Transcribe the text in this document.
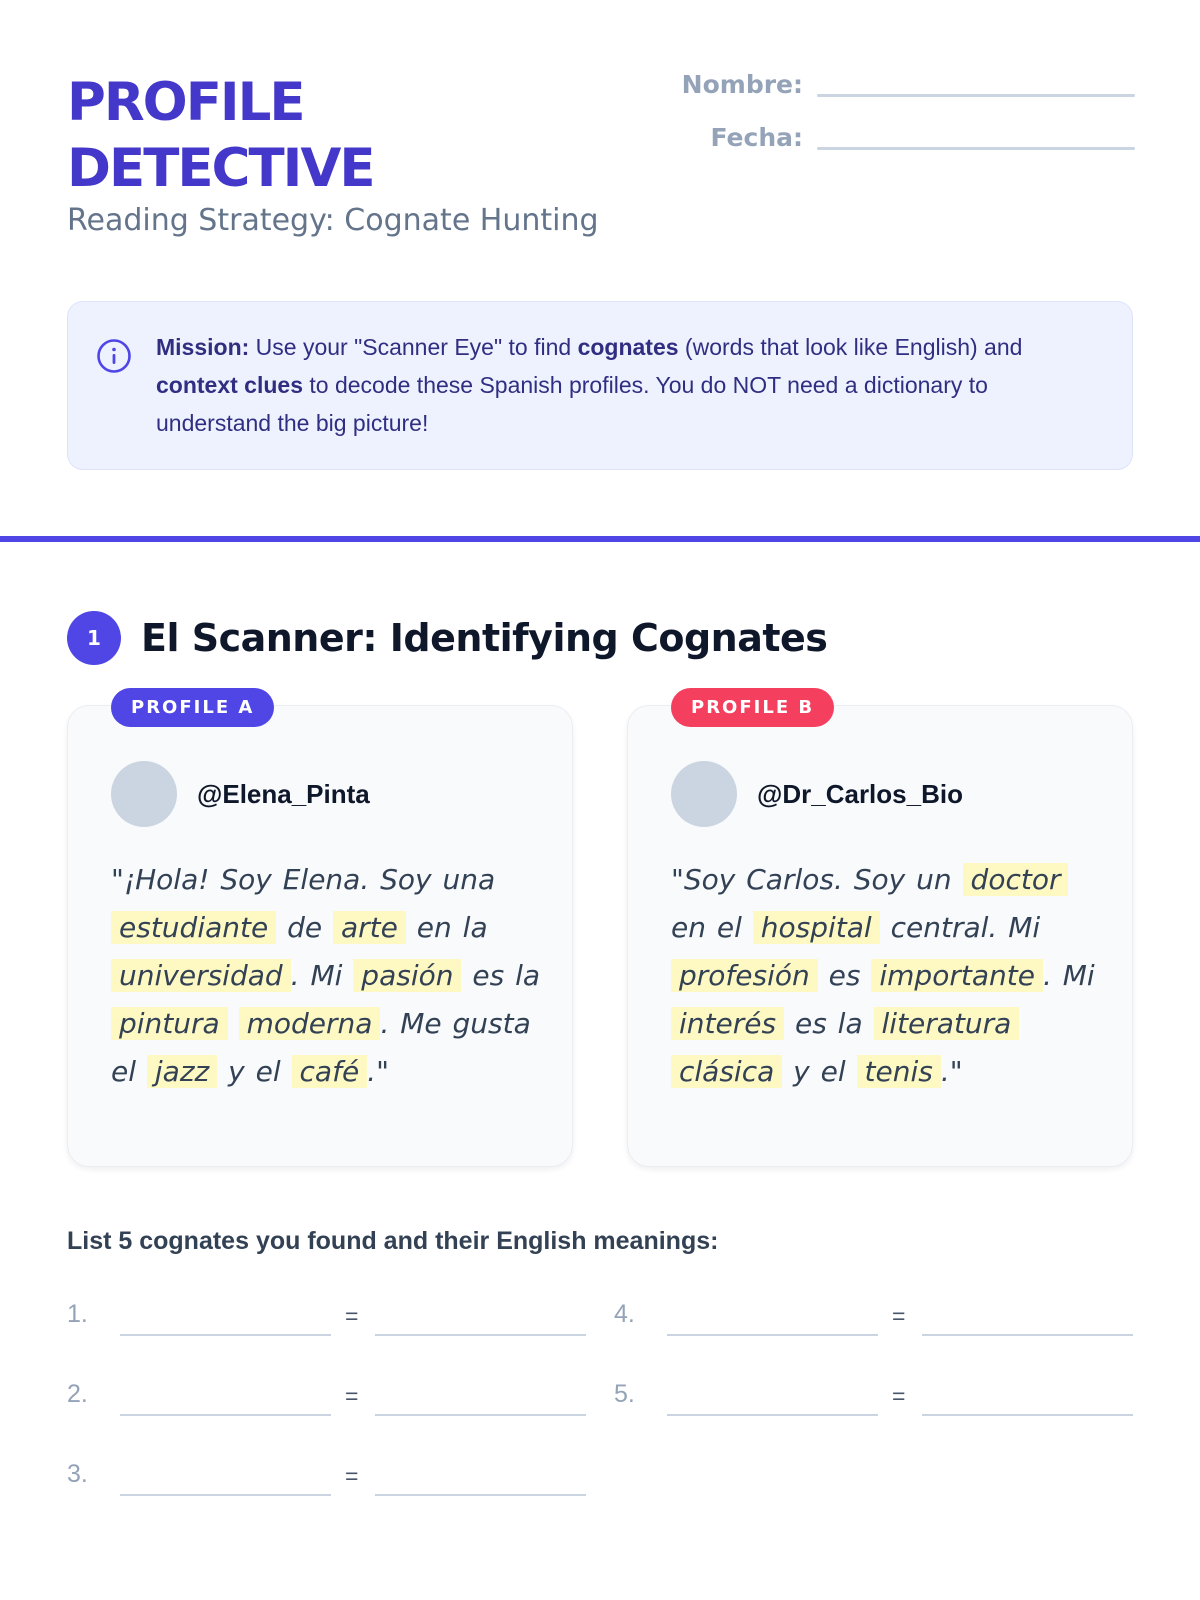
PROFILE
DETECTIVE
Reading Strategy: Cognate Hunting
Nombre:
Fecha:
Mission: Use your "Scanner Eye" to find cognates (words that look like English) and context clues to decode these Spanish profiles. You do NOT need a dictionary to understand the big picture!
1	El Scanner: Identifying Cognates
PROFILE A
@Elena_Pinta
"¡Hola! Soy Elena. Soy una estudiante de arte en la universidad . Mi pasión es la pintura moderna . Me gusta el jazz y el café ."
PROFILE B
@Dr_Carlos_Bio
"Soy Carlos. Soy un doctor en el hospital central. Mi profesión es importante . Mi interés es la literatura clásica y el tenis ."
List 5 cognates you found and their English meanings:
1.	=
2.	=
3.	=
4.	=
5.	=
